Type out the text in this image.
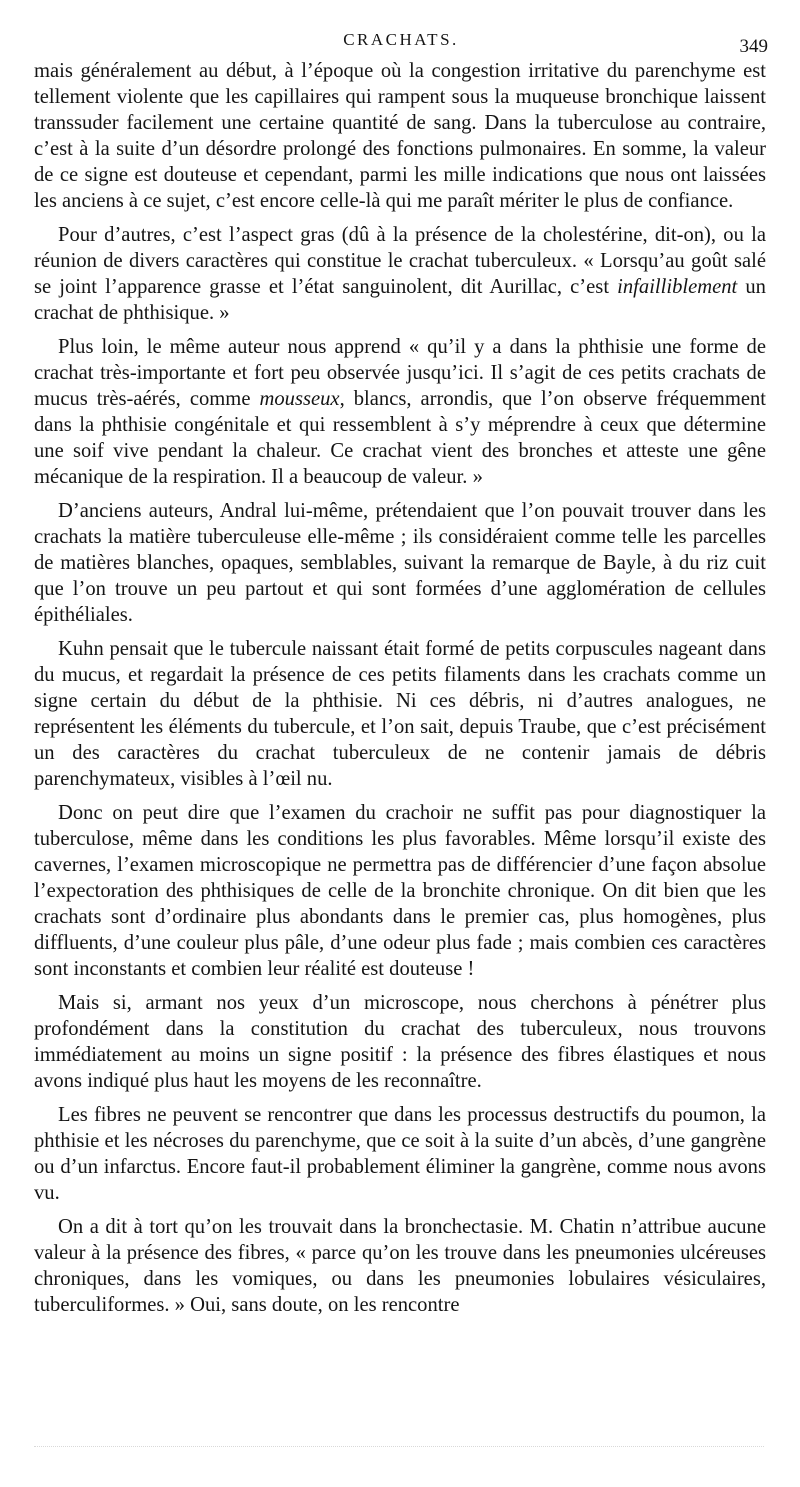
CRACHATS.	349

mais généralement au début, à l’époque où la congestion irritative du parenchyme est tellement violente que les capillaires qui rampent sous la muqueuse bronchique laissent transsuder facilement une certaine quantité de sang. Dans la tuberculose au contraire, c’est à la suite d’un désordre prolongé des fonctions pulmonaires. En somme, la valeur de ce signe est douteuse et cependant, parmi les mille indications que nous ont laissées les anciens à ce sujet, c’est encore celle-là qui me paraît mériter le plus de confiance.

Pour d’autres, c’est l’aspect gras (dû à la présence de la cholestérine, dit-on), ou la réunion de divers caractères qui constitue le crachat tuberculeux. « Lorsqu’au goût salé se joint l’apparence grasse et l’état sanguinolent, dit Aurillac, c’est infailliblement un crachat de phthisique. »

Plus loin, le même auteur nous apprend « qu’il y a dans la phthisie une forme de crachat très-importante et fort peu observée jusqu’ici. Il s’agit de ces petits crachats de mucus très-aérés, comme mousseux, blancs, arrondis, que l’on observe fréquemment dans la phthisie congénitale et qui ressemblent à s’y méprendre à ceux que détermine une soif vive pendant la chaleur. Ce crachat vient des bronches et atteste une gêne mécanique de la respiration. Il a beaucoup de valeur. »

D’anciens auteurs, Andral lui-même, prétendaient que l’on pouvait trouver dans les crachats la matière tuberculeuse elle-même ; ils considéraient comme telle les parcelles de matières blanches, opaques, semblables, suivant la remarque de Bayle, à du riz cuit que l’on trouve un peu partout et qui sont formées d’une agglomération de cellules épithéliales.

Kuhn pensait que le tubercule naissant était formé de petits corpuscules nageant dans du mucus, et regardait la présence de ces petits filaments dans les crachats comme un signe certain du début de la phthisie. Ni ces débris, ni d’autres analogues, ne représentent les éléments du tubercule, et l’on sait, depuis Traube, que c’est précisément un des caractères du crachat tuberculeux de ne contenir jamais de débris parenchymateux, visibles à l’œil nu.

Donc on peut dire que l’examen du crachoir ne suffit pas pour diagnostiquer la tuberculose, même dans les conditions les plus favorables. Même lorsqu’il existe des cavernes, l’examen microscopique ne permettra pas de différencier d’une façon absolue l’expectoration des phthisiques de celle de la bronchite chronique. On dit bien que les crachats sont d’ordinaire plus abondants dans le premier cas, plus homogènes, plus diffluents, d’une couleur plus pâle, d’une odeur plus fade ; mais combien ces caractères sont inconstants et combien leur réalité est douteuse !

Mais si, armant nos yeux d’un microscope, nous cherchons à pénétrer plus profondément dans la constitution du crachat des tuberculeux, nous trouvons immédiatement au moins un signe positif : la présence des fibres élastiques et nous avons indiqué plus haut les moyens de les reconnaître.

Les fibres ne peuvent se rencontrer que dans les processus destructifs du poumon, la phthisie et les nécroses du parenchyme, que ce soit à la suite d’un abcès, d’une gangrène ou d’un infarctus. Encore faut-il probablement éliminer la gangrène, comme nous avons vu.

On a dit à tort qu’on les trouvait dans la bronchectasie. M. Chatin n’attribue aucune valeur à la présence des fibres, « parce qu’on les trouve dans les pneumonies ulcéreuses chroniques, dans les vomiques, ou dans les pneumonies lobulaires vésiculaires, tuberculiformes. » Oui, sans doute, on les rencontre
